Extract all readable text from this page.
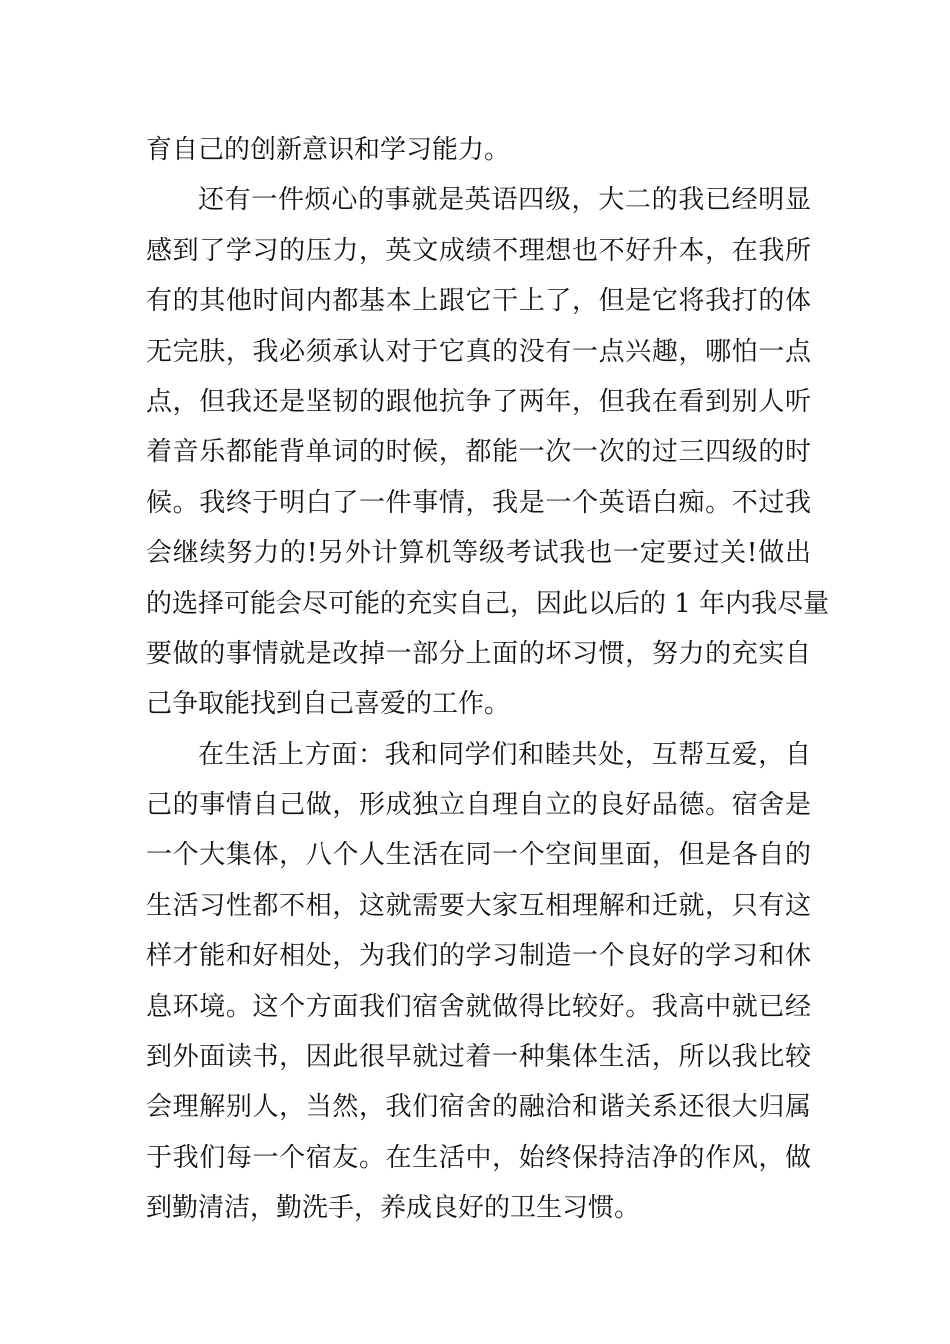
育自己的创新意识和学习能力。
还有一件烦心的事就是英语四级，大二的我已经明显
感到了学习的压力，英文成绩不理想也不好升本，在我所
有的其他时间内都基本上跟它干上了，但是它将我打的体
无完肤，我必须承认对于它真的没有一点兴趣，哪怕一点
点，但我还是坚韧的跟他抗争了两年，但我在看到别人听
着音乐都能背单词的时候，都能一次一次的过三四级的时
候。我终于明白了一件事情，我是一个英语白痴。不过我
会继续努力的!另外计算机等级考试我也一定要过关!做出
的选择可能会尽可能的充实自己，因此以后的 1 年内我尽量
要做的事情就是改掉一部分上面的坏习惯，努力的充实自
己争取能找到自己喜爱的工作。
在生活上方面：我和同学们和睦共处，互帮互爱，自
己的事情自己做，形成独立自理自立的良好品德。宿舍是
一个大集体，八个人生活在同一个空间里面，但是各自的
生活习性都不相，这就需要大家互相理解和迁就，只有这
样才能和好相处，为我们的学习制造一个良好的学习和休
息环境。这个方面我们宿舍就做得比较好。我高中就已经
到外面读书，因此很早就过着一种集体生活，所以我比较
会理解别人，当然，我们宿舍的融洽和谐关系还很大归属
于我们每一个宿友。在生活中，始终保持洁净的作风，做
到勤清洁，勤洗手，养成良好的卫生习惯。
